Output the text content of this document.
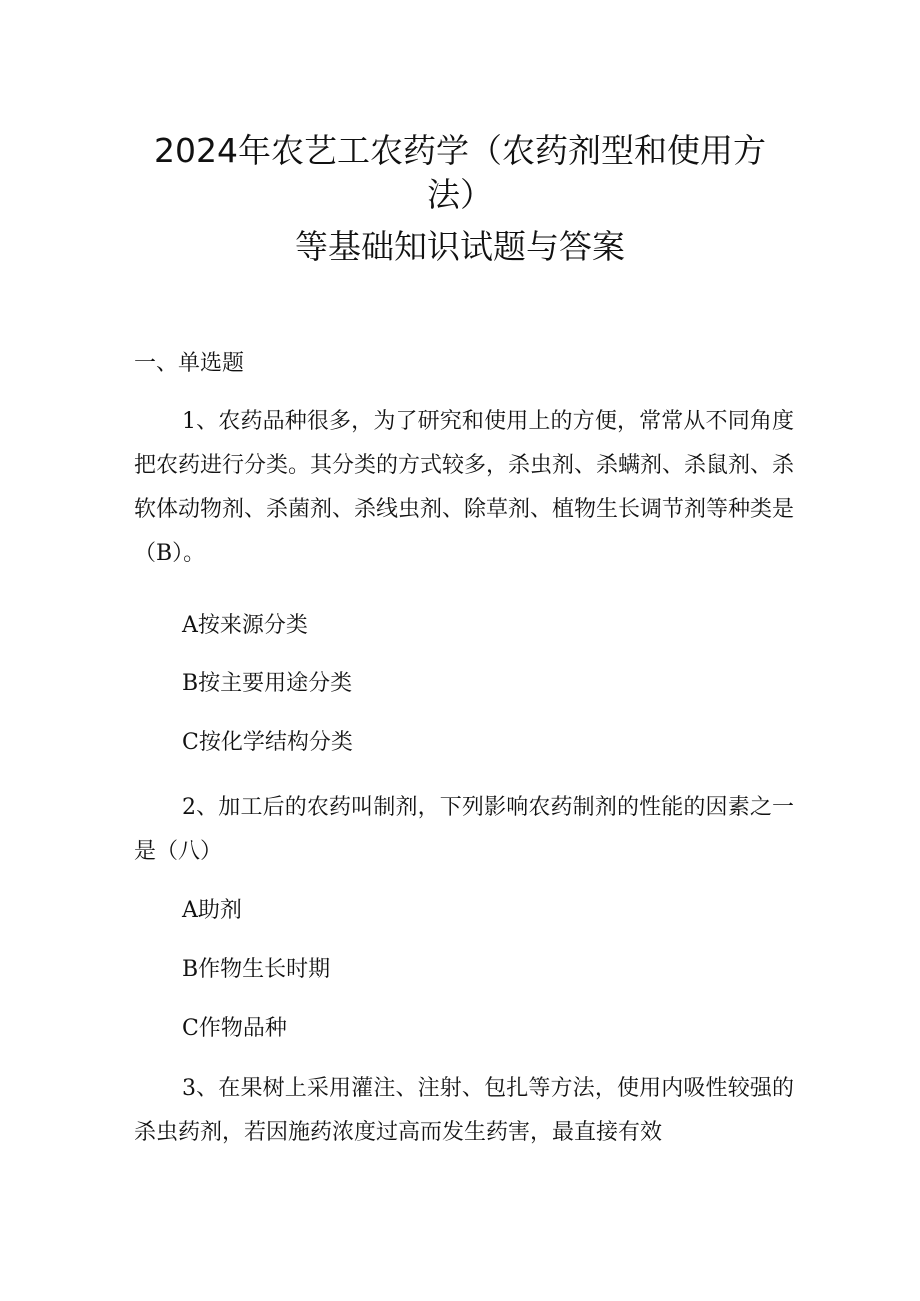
2024年农艺工农药学（农药剂型和使用方
法）
等基础知识试题与答案
一、单选题
1、农药品种很多，为了研究和使用上的方便，常常从不同角度把农药进行分类。其分类的方式较多，杀虫剂、杀螨剂、杀鼠剂、杀软体动物剂、杀菌剂、杀线虫剂、除草剂、植物生长调节剂等种类是（B）。
A按来源分类
B按主要用途分类
C按化学结构分类
2、加工后的农药叫制剂，下列影响农药制剂的性能的因素之一是（八）
A助剂
B作物生长时期
C作物品种
3、在果树上采用灌注、注射、包扎等方法，使用内吸性较强的杀虫药剂，若因施药浓度过高而发生药害，最直接有效
